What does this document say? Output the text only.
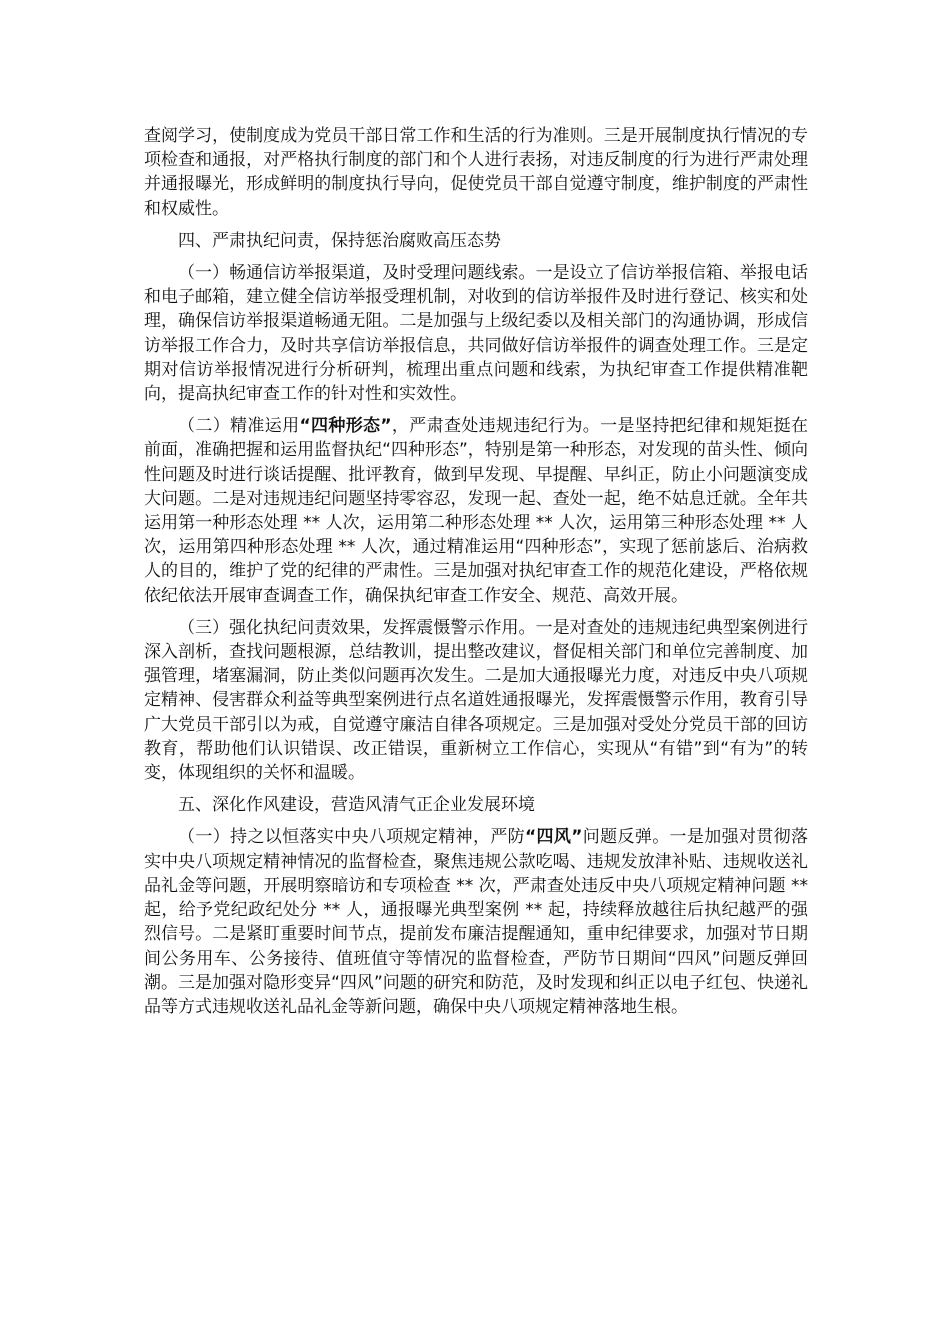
查阅学习，使制度成为党员干部日常工作和生活的行为准则。三是开展制度执行情况的专项检查和通报，对严格执行制度的部门和个人进行表扬，对违反制度的行为进行严肃处理并通报曝光，形成鲜明的制度执行导向，促使党员干部自觉遵守制度，维护制度的严肃性和权威性。

四、严肃执纪问责，保持惩治腐败高压态势

（一）畅通信访举报渠道，及时受理问题线索。一是设立了信访举报信箱、举报电话和电子邮箱，建立健全信访举报受理机制，对收到的信访举报件及时进行登记、核实和处理，确保信访举报渠道畅通无阻。二是加强与上级纪委以及相关部门的沟通协调，形成信访举报工作合力，及时共享信访举报信息，共同做好信访举报件的调查处理工作。三是定期对信访举报情况进行分析研判，梳理出重点问题和线索，为执纪审查工作提供精准靶向，提高执纪审查工作的针对性和实效性。

（二）精准运用“四种形态”，严肃查处违规违纪行为。一是坚持把纪律和规矩挺在前面，准确把握和运用监督执纪“四种形态”，特别是第一种形态，对发现的苗头性、倾向性问题及时进行谈话提醒、批评教育，做到早发现、早提醒、早纠正，防止小问题演变成大问题。二是对违规违纪问题坚持零容忍，发现一起、查处一起，绝不姑息迁就。全年共运用第一种形态处理 ** 人次，运用第二种形态处理 ** 人次，运用第三种形态处理 ** 人次，运用第四种形态处理 ** 人次，通过精准运用“四种形态”，实现了惩前毖后、治病救人的目的，维护了党的纪律的严肃性。三是加强对执纪审查工作的规范化建设，严格依规依纪依法开展审查调查工作，确保执纪审查工作安全、规范、高效开展。

（三）强化执纪问责效果，发挥震慑警示作用。一是对查处的违规违纪典型案例进行深入剖析，查找问题根源，总结教训，提出整改建议，督促相关部门和单位完善制度、加强管理，堵塞漏洞，防止类似问题再次发生。二是加大通报曝光力度，对违反中央八项规定精神、侵害群众利益等典型案例进行点名道姓通报曝光，发挥震慑警示作用，教育引导广大党员干部引以为戒，自觉遵守廉洁自律各项规定。三是加强对受处分党员干部的回访教育，帮助他们认识错误、改正错误，重新树立工作信心，实现从“有错”到“有为”的转变，体现组织的关怀和温暖。

五、深化作风建设，营造风清气正企业发展环境

（一）持之以恒落实中央八项规定精神，严防“四风”问题反弹。一是加强对贯彻落实中央八项规定精神情况的监督检查，聚焦违规公款吃喝、违规发放津补贴、违规收送礼品礼金等问题，开展明察暗访和专项检查 ** 次，严肃查处违反中央八项规定精神问题 ** 起，给予党纪政纪处分 ** 人，通报曝光典型案例 ** 起，持续释放越往后执纪越严的强烈信号。二是紧盯重要时间节点，提前发布廉洁提醒通知，重申纪律要求，加强对节日期间公务用车、公务接待、值班值守等情况的监督检查，严防节日期间“四风”问题反弹回潮。三是加强对隐形变异“四风”问题的研究和防范，及时发现和纠正以电子红包、快递礼品等方式违规收送礼品礼金等新问题，确保中央八项规定精神落地生根。
